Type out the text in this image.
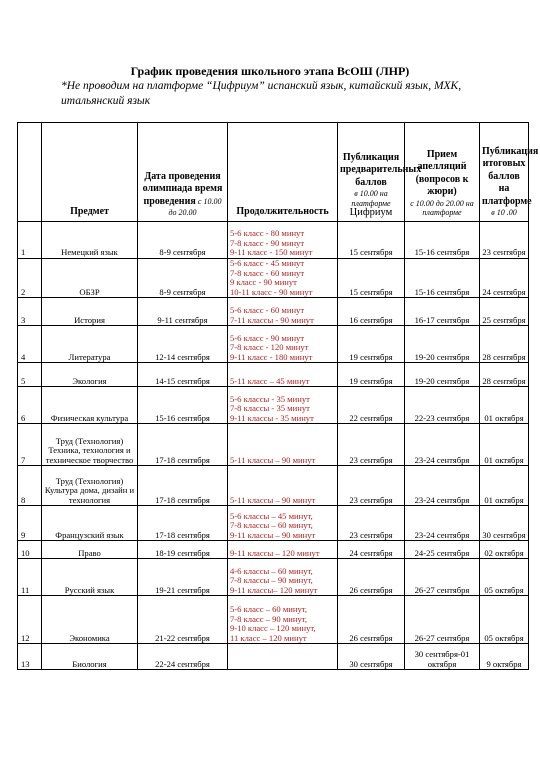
График проведения школьного этапа ВсОШ (ЛНР)
*Не проводим на платформе “Цифриум” испанский язык, китайский язык, МХК, итальянский язык
	Предмет	Дата проведения олимпиада время проведения с 10.00 до 20.00	Продолжительность	Публикация предварительных баллов
в 10.00 на платформе
Цифриум	Прием апелляций (вопросов к жюри)
с 10.00 до 20.00 на платформе	Публикация итоговых баллов на платформе
в 10 .00
1	Немецкий язык	8-9 сентября	5-6 класс - 80 минут
7-8 класс - 90 минут
9-11 класс - 150 минут	15 сентября	15-16 сентября	23 сентября
2	ОБЗР	8-9 сентября	5-6 класс - 45 минут
7-8 класс - 60 минут
9 класс - 90 минут
10-11 класс - 90 минут	15 сентября	15-16 сентября	24 сентября
3	История	9-11 сентября	5-6 класс - 60 минут
7-11 классы - 90 минут	16 сентября	16-17 сентября	25 сентября
4	Литература	12-14 сентября	5-6 класс - 90 минут
7-8 класс - 120 минут
9-11 класс - 180 минут	19 сентября	19-20 сентября	28 сентября
5	Экология	14-15 сентября	5-11 класс – 45 минут	19 сентября	19-20 сентября	28 сентября
6	Физическая культура	15-16 сентября	5-6 классы - 35 минут
7-8 классы - 35 минут
9-11 классы - 35 минут	22 сентября	22-23 сентября	01 октября
7	Труд (Технология) Техника, технология и техническое творчество	17-18 сентября	5-11 классы – 90 минут	23 сентября	23-24 сентября	01 октября
8	Труд (Технология) Культура дома, дизайн и технология	17-18 сентября	5-11 классы – 90 минут	23 сентября	23-24 сентября	01 октября
9	Французский язык	17-18 сентября	5-6 классы – 45 минут,
7-8 классы – 60 минут,
9-11 классы – 90 минут	23 сентября	23-24 сентября	30 сентября
10	Право	18-19 сентября	9-11 классы – 120 минут	24 сентября	24-25 сентября	02 октября
11	Русский язык	19-21 сентября	4-6 классы – 60 минут,
7-8 классы – 90 минут,
9-11 классы– 120 минут	26 сентября	26-27 сентября	05 октября
12	Экономика	21-22 сентября	5-6 класс – 60 минут,
7-8 класс – 90 минут,
9-10 класс – 120 минут,
11 класс – 120 минут	26 сентября	26-27 сентября	05 октября
13	Биология	22-24 сентября		30 сентября	30 сентября-01 октября	9 октября
